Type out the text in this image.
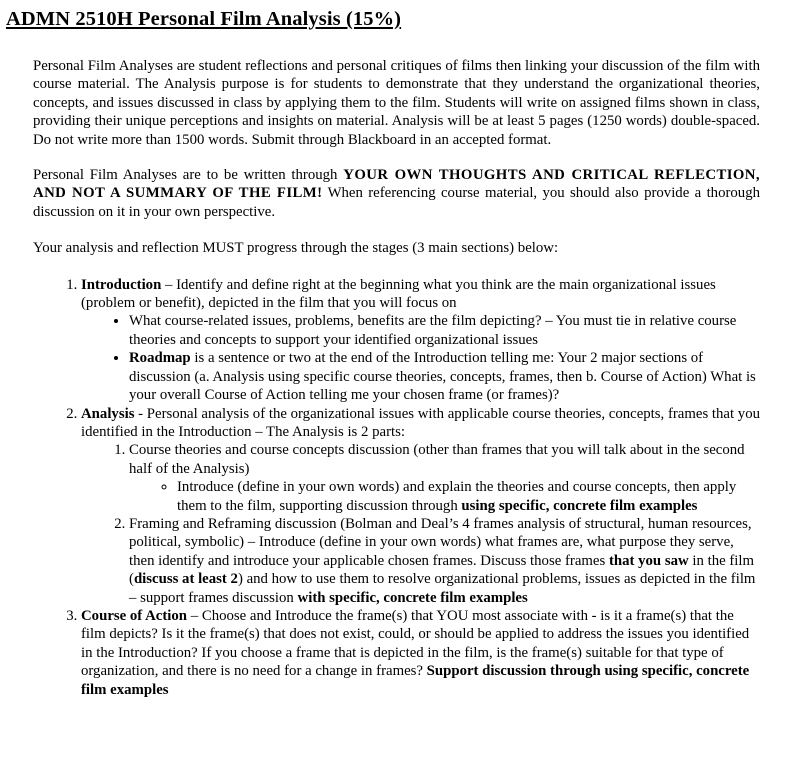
ADMN 2510H Personal Film Analysis (15%)

Personal Film Analyses are student reflections and personal critiques of films then linking your discussion of the film with course material. The Analysis purpose is for students to demonstrate that they understand the organizational theories, concepts, and issues discussed in class by applying them to the film. Students will write on assigned films shown in class, providing their unique perceptions and insights on material. Analysis will be at least 5 pages (1250 words) double-spaced. Do not write more than 1500 words. Submit through Blackboard in an accepted format.

Personal Film Analyses are to be written through YOUR OWN THOUGHTS AND CRITICAL REFLECTION, AND NOT A SUMMARY OF THE FILM! When referencing course material, you should also provide a thorough discussion on it in your own perspective.

Your analysis and reflection MUST progress through the stages (3 main sections) below:

1. Introduction – Identify and define right at the beginning what you think are the main organizational issues (problem or benefit), depicted in the film that you will focus on
• What course-related issues, problems, benefits are the film depicting? – You must tie in relative course theories and concepts to support your identified organizational issues
• Roadmap is a sentence or two at the end of the Introduction telling me: Your 2 major sections of discussion (a. Analysis using specific course theories, concepts, frames, then b. Course of Action) What is your overall Course of Action telling me your chosen frame (or frames)?
2. Analysis - Personal analysis of the organizational issues with applicable course theories, concepts, frames that you identified in the Introduction – The Analysis is 2 parts:
1. Course theories and course concepts discussion (other than frames that you will talk about in the second half of the Analysis)
◦ Introduce (define in your own words) and explain the theories and course concepts, then apply them to the film, supporting discussion through using specific, concrete film examples
2. Framing and Reframing discussion (Bolman and Deal’s 4 frames analysis of structural, human resources, political, symbolic) – Introduce (define in your own words) what frames are, what purpose they serve, then identify and introduce your applicable chosen frames. Discuss those frames that you saw in the film (discuss at least 2) and how to use them to resolve organizational problems, issues as depicted in the film – support frames discussion with specific, concrete film examples
3. Course of Action – Choose and Introduce the frame(s) that YOU most associate with - is it a frame(s) that the film depicts? Is it the frame(s) that does not exist, could, or should be applied to address the issues you identified in the Introduction? If you choose a frame that is depicted in the film, is the frame(s) suitable for that type of organization, and there is no need for a change in frames? Support discussion through using specific, concrete film examples
